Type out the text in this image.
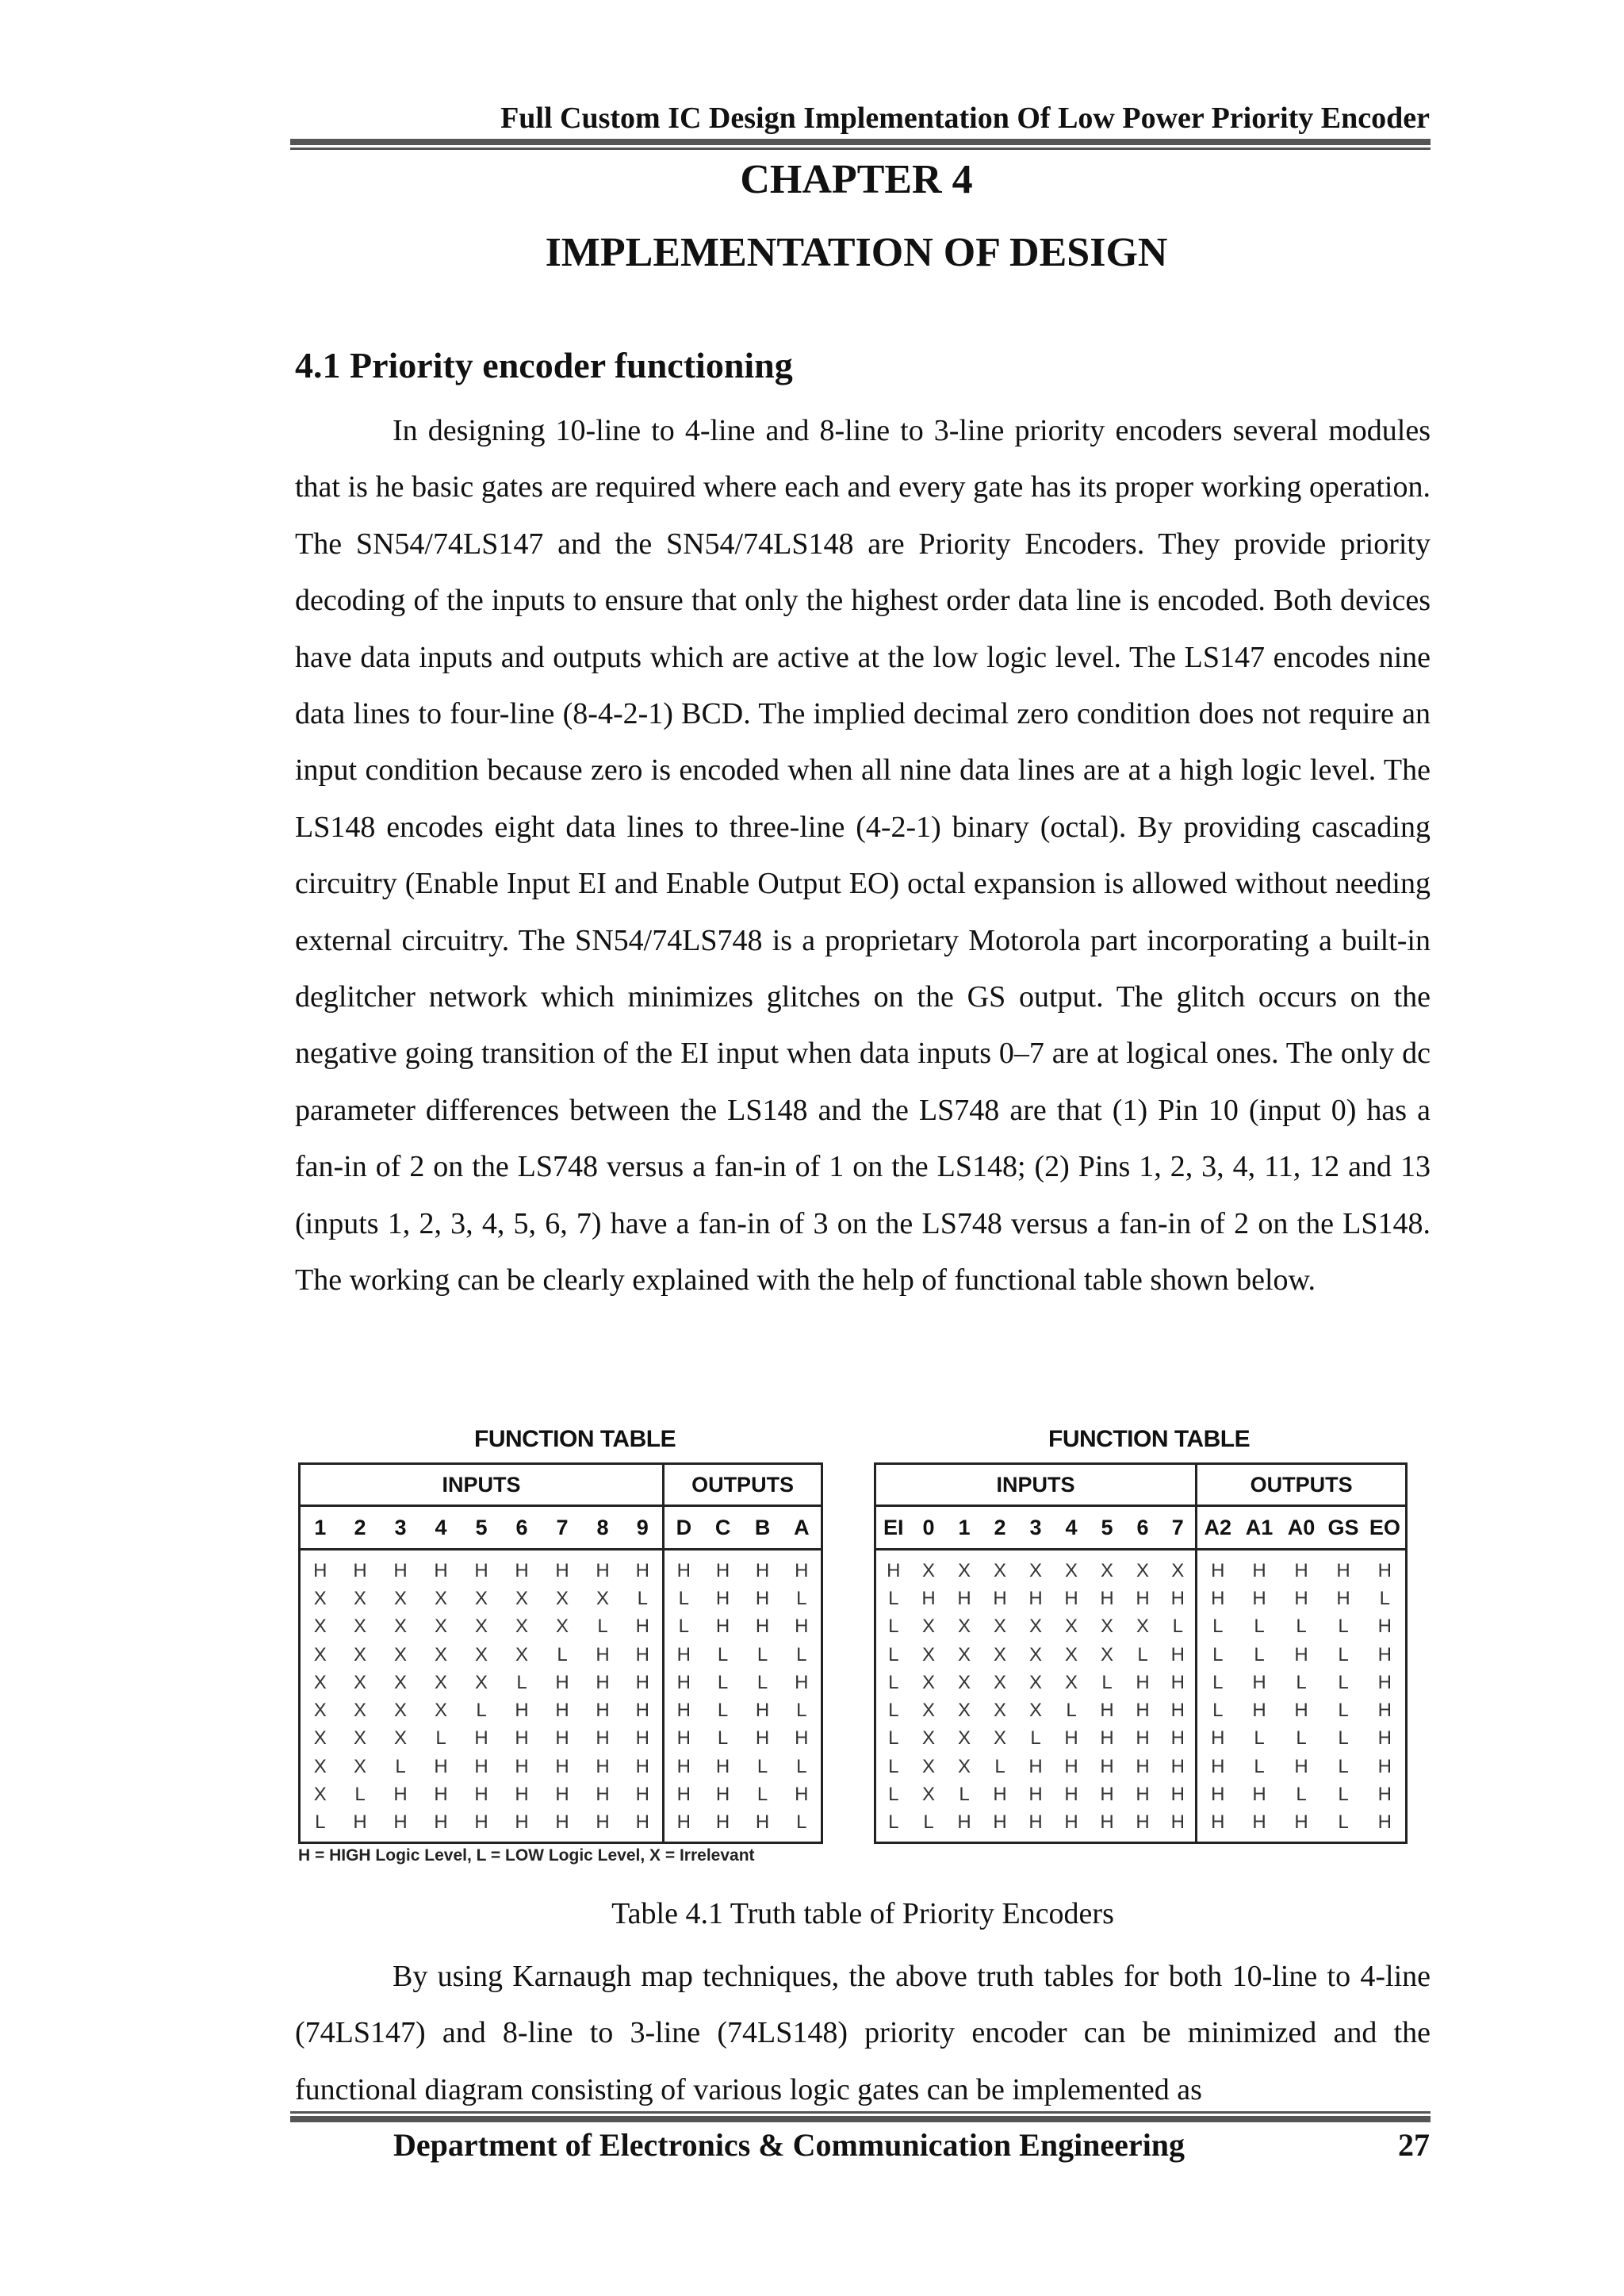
Full Custom IC Design Implementation Of Low Power Priority Encoder
CHAPTER 4
IMPLEMENTATION OF DESIGN
4.1 Priority encoder functioning

In designing 10-line to 4-line and 8-line to 3-line priority encoders several modules that is he basic gates are required where each and every gate has its proper working operation. The SN54/74LS147 and the SN54/74LS148 are Priority Encoders. They provide priority decoding of the inputs to ensure that only the highest order data line is encoded. Both devices have data inputs and outputs which are active at the low logic level. The LS147 encodes nine data lines to four-line (8-4-2-1) BCD. The implied decimal zero condition does not require an input condition because zero is encoded when all nine data lines are at a high logic level. The LS148 encodes eight data lines to three-line (4-2-1) binary (octal). By providing cascading circuitry (Enable Input EI and Enable Output EO) octal expansion is allowed without needing external circuitry. The SN54/74LS748 is a proprietary Motorola part incorporating a built-in deglitcher network which minimizes glitches on the GS output. The glitch occurs on the negative going transition of the EI input when data inputs 0–7 are at logical ones. The only dc parameter differences between the LS148 and the LS748 are that (1) Pin 10 (input 0) has a fan-in of 2 on the LS748 versus a fan-in of 1 on the LS148; (2) Pins 1, 2, 3, 4, 11, 12 and 13 (inputs 1, 2, 3, 4, 5, 6, 7) have a fan-in of 3 on the LS748 versus a fan-in of 2 on the LS148. The working can be clearly explained with the help of functional table shown below.

FUNCTION TABLE	FUNCTION TABLE
INPUTS									OUTPUTS			
1	2	3	4	5	6	7	8	9	D	C	B	A
H	H	H	H	H	H	H	H	H	H	H	H	H
X	X	X	X	X	X	X	X	L	L	H	H	L
X	X	X	X	X	X	X	L	H	L	H	H	H
X	X	X	X	X	X	L	H	H	H	L	L	L
X	X	X	X	X	L	H	H	H	H	L	L	H
X	X	X	X	L	H	H	H	H	H	L	H	L
X	X	X	L	H	H	H	H	H	H	L	H	H
X	X	L	H	H	H	H	H	H	H	H	L	L
X	L	H	H	H	H	H	H	H	H	H	L	H
L	H	H	H	H	H	H	H	H	H	H	H	L
INPUTS									OUTPUTS				
EI	0	1	2	3	4	5	6	7	A2	A1	A0	GS	EO
H	X	X	X	X	X	X	X	X	H	H	H	H	H
L	H	H	H	H	H	H	H	H	H	H	H	H	L
L	X	X	X	X	X	X	X	L	L	L	L	L	H
L	X	X	X	X	X	X	L	H	L	L	H	L	H
L	X	X	X	X	X	L	H	H	L	H	L	L	H
L	X	X	X	X	L	H	H	H	L	H	H	L	H
L	X	X	X	L	H	H	H	H	H	L	L	L	H
L	X	X	L	H	H	H	H	H	H	L	H	L	H
L	X	L	H	H	H	H	H	H	H	H	L	L	H
L	L	H	H	H	H	H	H	H	H	H	H	L	H
H = HIGH Logic Level, L = LOW Logic Level, X = Irrelevant

Table 4.1 Truth table of Priority Encoders

By using Karnaugh map techniques, the above truth tables for both 10-line to 4-line (74LS147) and 8-line to 3-line (74LS148) priority encoder can be minimized and the functional diagram consisting of various logic gates can be implemented as

Department of Electronics & Communication Engineering	27
